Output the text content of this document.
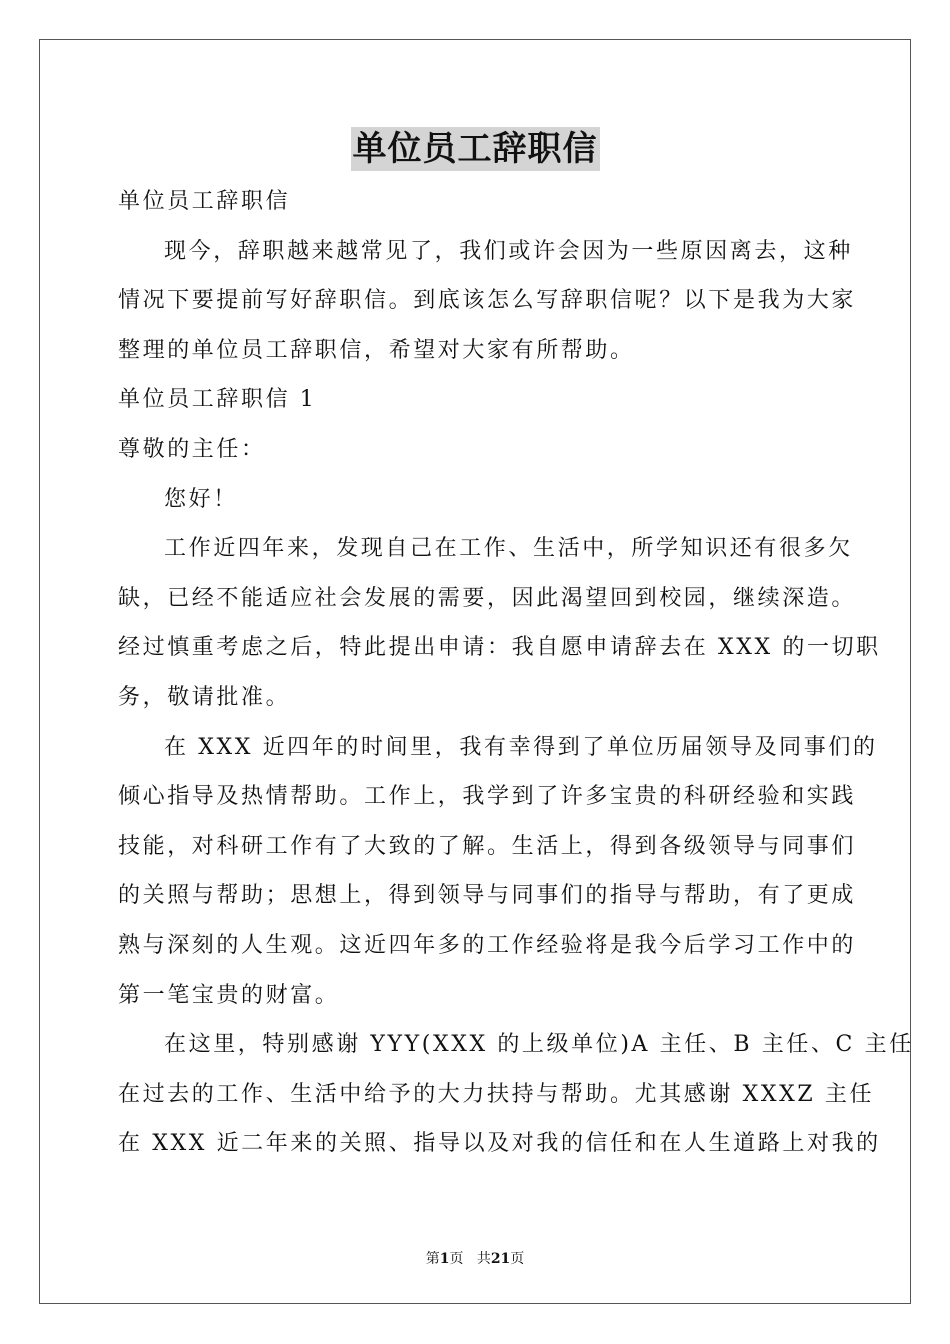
单位员工辞职信

单位员工辞职信

现今，辞职越来越常见了，我们或许会因为一些原因离去，这种

情况下要提前写好辞职信。到底该怎么写辞职信呢？以下是我为大家

整理的单位员工辞职信，希望对大家有所帮助。

单位员工辞职信 1

尊敬的主任：

您好！

工作近四年来，发现自己在工作、生活中，所学知识还有很多欠

缺，已经不能适应社会发展的需要，因此渴望回到校园，继续深造。

经过慎重考虑之后，特此提出申请：我自愿申请辞去在 XXX 的一切职

务，敬请批准。

在 XXX 近四年的时间里，我有幸得到了单位历届领导及同事们的

倾心指导及热情帮助。工作上，我学到了许多宝贵的科研经验和实践

技能，对科研工作有了大致的了解。生活上，得到各级领导与同事们

的关照与帮助；思想上，得到领导与同事们的指导与帮助，有了更成

熟与深刻的人生观。这近四年多的工作经验将是我今后学习工作中的

第一笔宝贵的财富。

在这里，特别感谢 YYY(XXX 的上级单位)A 主任、B 主任、C 主任

在过去的工作、生活中给予的大力扶持与帮助。尤其感谢 XXXZ 主任

在 XXX 近二年来的关照、指导以及对我的信任和在人生道路上对我的

第1页 共21页
